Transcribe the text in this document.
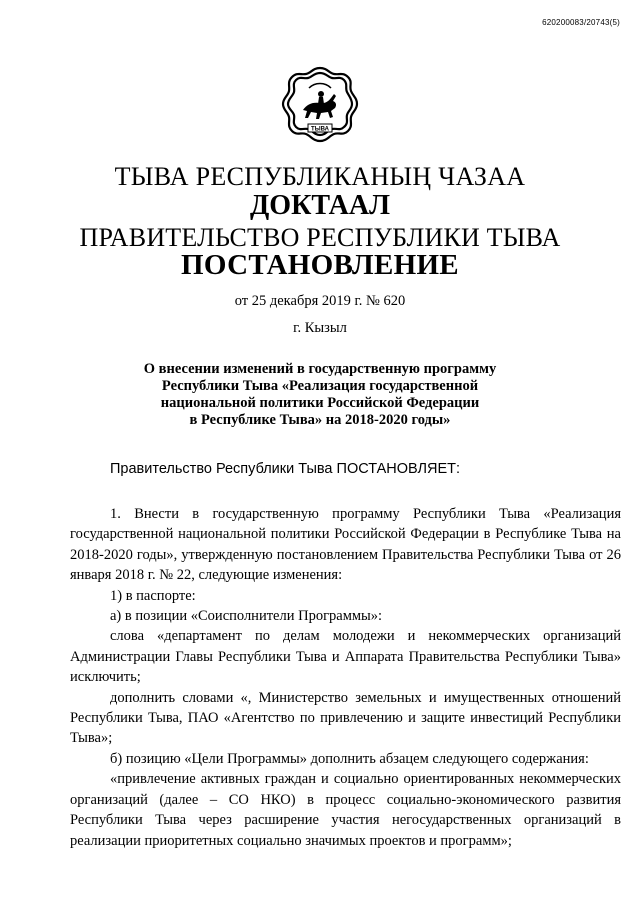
620200083/20743(5)
ТЫВА
ТЫВА РЕСПУБЛИКАНЫҢ ЧАЗАА
ДОКТААЛ
ПРАВИТЕЛЬСТВО РЕСПУБЛИКИ ТЫВА
ПОСТАНОВЛЕНИЕ
от 25 декабря 2019 г. № 620
г. Кызыл
О внесении изменений в государственную программу
Республики Тыва «Реализация государственной
национальной политики Российской Федерации
в Республике Тыва» на 2018-2020 годы»
Правительство Республики Тыва ПОСТАНОВЛЯЕТ:

1. Внести в государственную программу Республики Тыва «Реализация государственной национальной политики Российской Федерации в Республике Тыва на 2018-2020 годы», утвержденную постановлением Правительства Республики Тыва от 26 января 2018 г. № 22, следующие изменения:

1) в паспорте:

а) в позиции «Соисполнители Программы»:

слова «департамент по делам молодежи и некоммерческих организаций Администрации Главы Республики Тыва и Аппарата Правительства Республики Тыва» исключить;

дополнить словами «, Министерство земельных и имущественных отношений Республики Тыва, ПАО «Агентство по привлечению и защите инвестиций Республики Тыва»;

б) позицию «Цели Программы» дополнить абзацем следующего содержания:

«привлечение активных граждан и социально ориентированных некоммерческих организаций (далее – СО НКО) в процесс социально-экономического развития Республики Тыва через расширение участия негосударственных организаций в реализации приоритетных социально значимых проектов и программ»;
